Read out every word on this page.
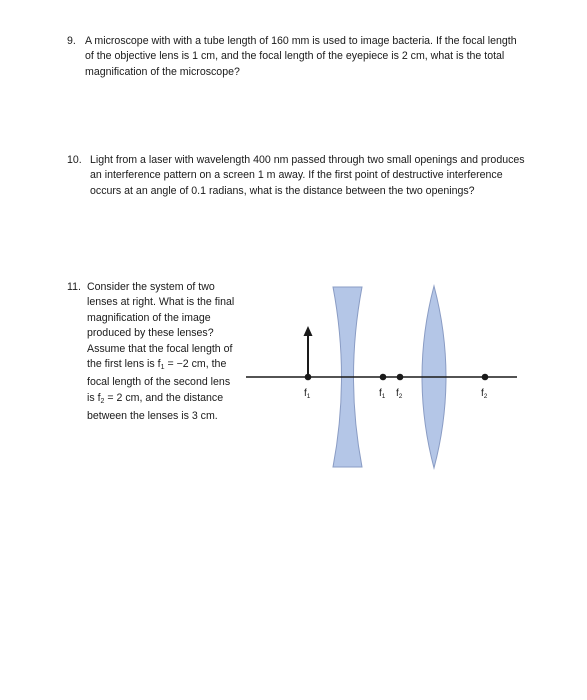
9. A microscope with with a tube length of 160 mm is used to image bacteria. If the focal length of the objective lens is 1 cm, and the focal length of the eyepiece is 2 cm, what is the total magnification of the microscope?
10. Light from a laser with wavelength 400 nm passed through two small openings and produces an interference pattern on a screen 1 m away. If the first point of destructive interference occurs at an angle of 0.1 radians, what is the distance between the two openings?
11. Consider the system of two lenses at right. What is the final magnification of the image produced by these lenses? Assume that the focal length of the first lens is $f_1 = -2$ cm, the focal length of the second lens is $f_2 = 2$ cm, and the distance between the lenses is 3 cm.
$f_1$	$f_1$ $f_2$	$f_2$
